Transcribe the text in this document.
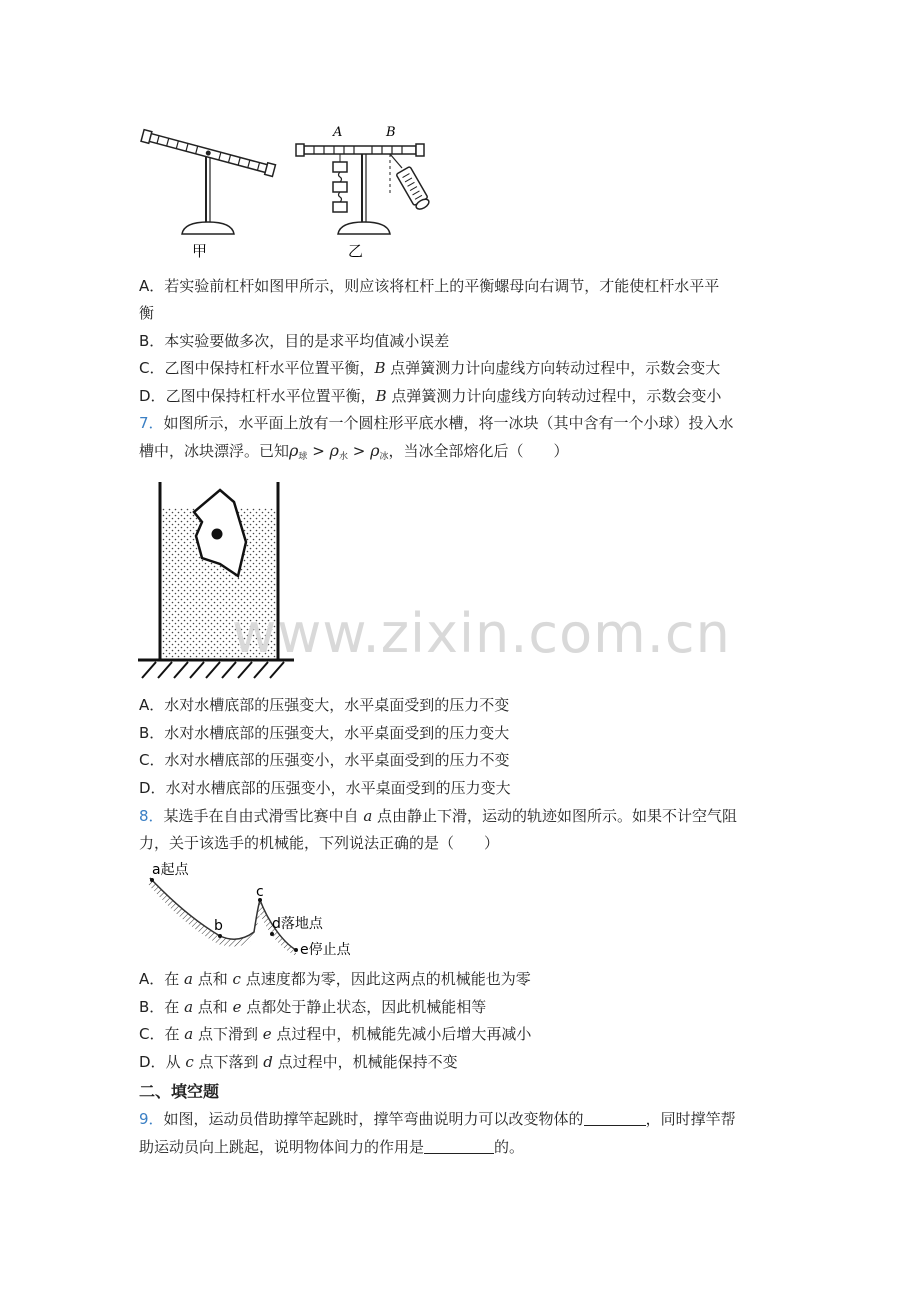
甲
A	B
乙
A．若实验前杠杆如图甲所示，则应该将杠杆上的平衡螺母向右调节，才能使杠杆水平平
衡
B．本实验要做多次，目的是求平均值减小误差
C．乙图中保持杠杆水平位置平衡，B 点弹簧测力计向虚线方向转动过程中，示数会变大
D．乙图中保持杠杆水平位置平衡，B 点弹簧测力计向虚线方向转动过程中，示数会变小
7．如图所示，水平面上放有一个圆柱形平底水槽，将一冰块（其中含有一个小球）投入水
槽中，冰块漂浮。已知$\rho_球 > \rho_水 > \rho_冰$，当冰全部熔化后（　　）
www.zixin.com.cn
A．水对水槽底部的压强变大，水平桌面受到的压力不变
B．水对水槽底部的压强变大，水平桌面受到的压力变大
C．水对水槽底部的压强变小，水平桌面受到的压力不变
D．水对水槽底部的压强变小，水平桌面受到的压力变大
8．某选手在自由式滑雪比赛中自 a 点由静止下滑，运动的轨迹如图所示。如果不计空气阻
力，关于该选手的机械能，下列说法正确的是（　　）
a起点
b
c
d落地点
e停止点
A．在 a 点和 c 点速度都为零，因此这两点的机械能也为零
B．在 a 点和 e 点都处于静止状态，因此机械能相等
C．在 a 点下滑到 e 点过程中，机械能先减小后增大再减小
D．从 c 点下落到 d 点过程中，机械能保持不变
二、填空题
9．如图，运动员借助撑竿起跳时，撑竿弯曲说明力可以改变物体的	，同时撑竿帮
助运动员向上跳起，说明物体间力的作用是	的。
